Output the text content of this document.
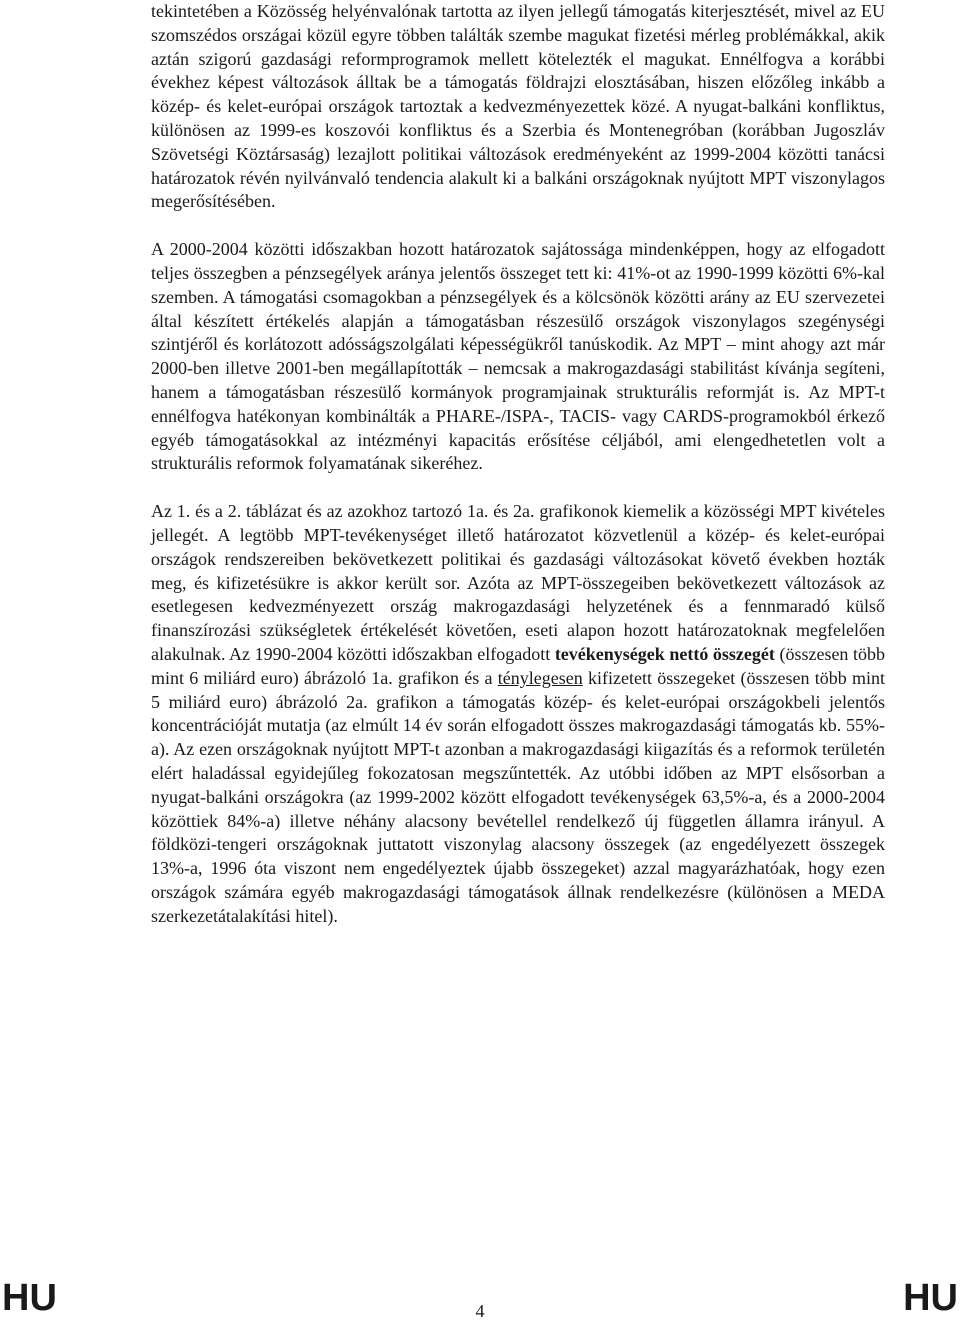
tekintetében a Közösség helyénvalónak tartotta az ilyen jellegű támogatás kiterjesztését, mivel az EU szomszédos országai közül egyre többen találták szembe magukat fizetési mérleg problémákkal, akik aztán szigorú gazdasági reformprogramok mellett kötelezték el magukat. Ennélfogva a korábbi évekhez képest változások álltak be a támogatás földrajzi elosztásában, hiszen előzőleg inkább a közép- és kelet-európai országok tartoztak a kedvezményezettek közé. A nyugat-balkáni konfliktus, különösen az 1999-es koszovói konfliktus és a Szerbia és Montenegróban (korábban Jugoszláv Szövetségi Köztársaság) lezajlott politikai változások eredményeként az 1999-2004 közötti tanácsi határozatok révén nyilvánvaló tendencia alakult ki a balkáni országoknak nyújtott MPT viszonylagos megerősítésében.

A 2000-2004 közötti időszakban hozott határozatok sajátossága mindenképpen, hogy az elfogadott teljes összegben a pénzsegélyek aránya jelentős összeget tett ki: 41%-ot az 1990-1999 közötti 6%-kal szemben. A támogatási csomagokban a pénzsegélyek és a kölcsönök közötti arány az EU szervezetei által készített értékelés alapján a támogatásban részesülő országok viszonylagos szegénységi szintjéről és korlátozott adósságszolgálati képességükről tanúskodik. Az MPT – mint ahogy azt már 2000-ben illetve 2001-ben megállapították – nemcsak a makrogazdasági stabilitást kívánja segíteni, hanem a támogatásban részesülő kormányok programjainak strukturális reformját is. Az MPT-t ennélfogva hatékonyan kombinálták a PHARE-/ISPA-, TACIS- vagy CARDS-programokból érkező egyéb támogatásokkal az intézményi kapacitás erősítése céljából, ami elengedhetetlen volt a strukturális reformok folyamatának sikeréhez.

Az 1. és a 2. táblázat és az azokhoz tartozó 1a. és 2a. grafikonok kiemelik a közösségi MPT kivételes jellegét. A legtöbb MPT-tevékenységet illető határozatot közvetlenül a közép- és kelet-európai országok rendszereiben bekövetkezett politikai és gazdasági változásokat követő években hozták meg, és kifizetésükre is akkor került sor. Azóta az MPT-összegeiben bekövetkezett változások az esetlegesen kedvezményezett ország makrogazdasági helyzetének és a fennmaradó külső finanszírozási szükségletek értékelését követően, eseti alapon hozott határozatoknak megfelelően alakulnak. Az 1990-2004 közötti időszakban elfogadott tevékenységek nettó összegét (összesen több mint 6 miliárd euro) ábrázoló 1a. grafikon és a ténylegesen kifizetett összegeket (összesen több mint 5 miliárd euro) ábrázoló 2a. grafikon a támogatás közép- és kelet-európai országokbeli jelentős koncentrációját mutatja (az elmúlt 14 év során elfogadott összes makrogazdasági támogatás kb. 55%-a). Az ezen országoknak nyújtott MPT-t azonban a makrogazdasági kiigazítás és a reformok területén elért haladással egyidejűleg fokozatosan megszűntették. Az utóbbi időben az MPT elsősorban a nyugat-balkáni országokra (az 1999-2002 között elfogadott tevékenységek 63,5%-a, és a 2000-2004 közöttiek 84%-a) illetve néhány alacsony bevétellel rendelkező új független államra irányul. A földközi-tengeri országoknak juttatott viszonylag alacsony összegek (az engedélyezett összegek 13%-a, 1996 óta viszont nem engedélyeztek újabb összegeket) azzal magyarázhatóak, hogy ezen országok számára egyéb makrogazdasági támogatások állnak rendelkezésre (különösen a MEDA szerkezetátalakítási hitel).

HU	4	HU
